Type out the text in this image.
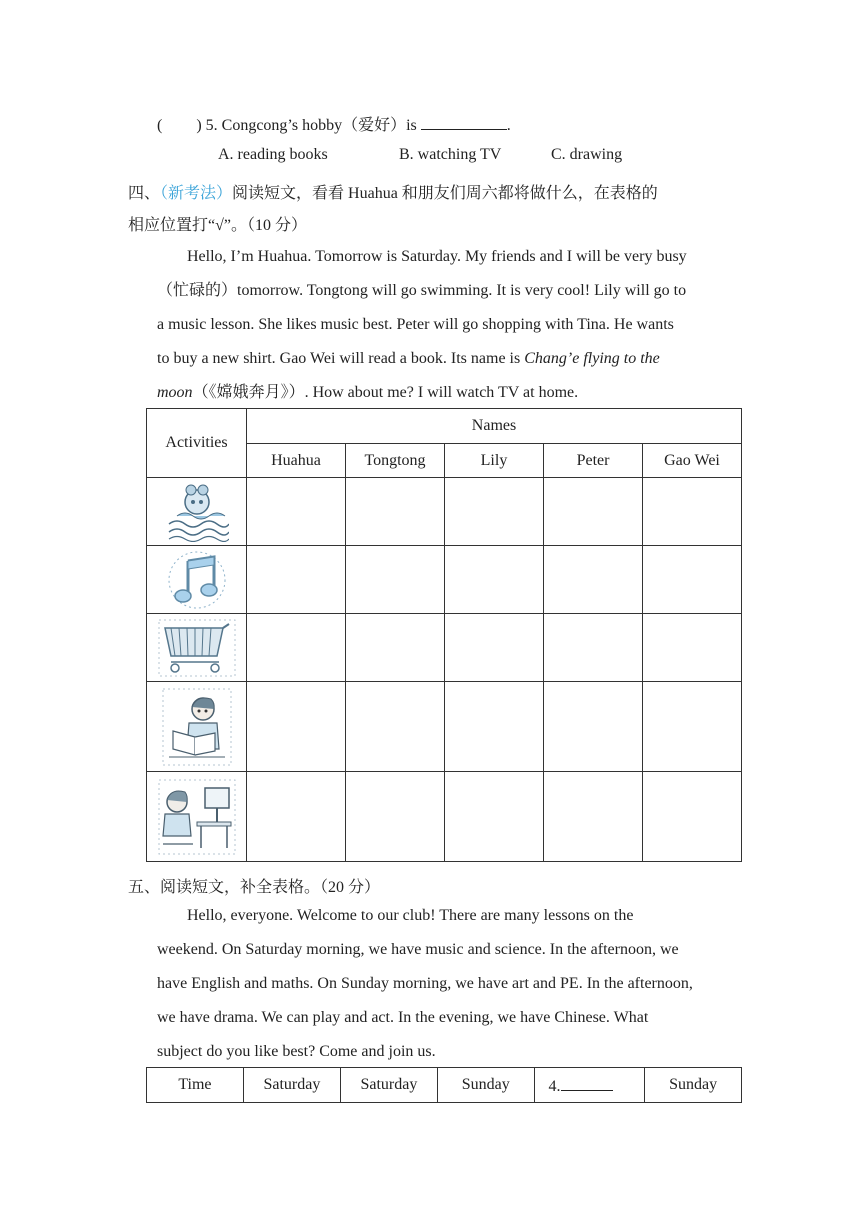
( ) 5. Congcong’s hobby（爱好）is	.
A. reading books	B. watching TV	C. drawing
四、（新考法）阅读短文，看看 Huahua 和朋友们周六都将做什么，在表格的
相应位置打“√”。（10 分）
Hello, I’m Huahua. Tomorrow is Saturday. My friends and I will be very busy
（忙碌的）tomorrow. Tongtong will go swimming. It is very cool! Lily will go to
a music lesson. She likes music best. Peter will go shopping with Tina. He wants
to buy a new shirt. Gao Wei will read a book. Its name is Chang’e flying to the
moon（《嫦娥奔月》）. How about me? I will watch TV at home.
Activities	Names				
	Huahua	Tongtong	Lily	Peter	Gao Wei

五、阅读短文，补全表格。（20 分）
Hello, everyone. Welcome to our club! There are many lessons on the
weekend. On Saturday morning, we have music and science. In the afternoon, we
have English and maths. On Sunday morning, we have art and PE. In the afternoon,
we have drama. We can play and act. In the evening, we have Chinese. What
subject do you like best? Come and join us.
Time	Saturday	Saturday	Sunday	4.	Sunday
